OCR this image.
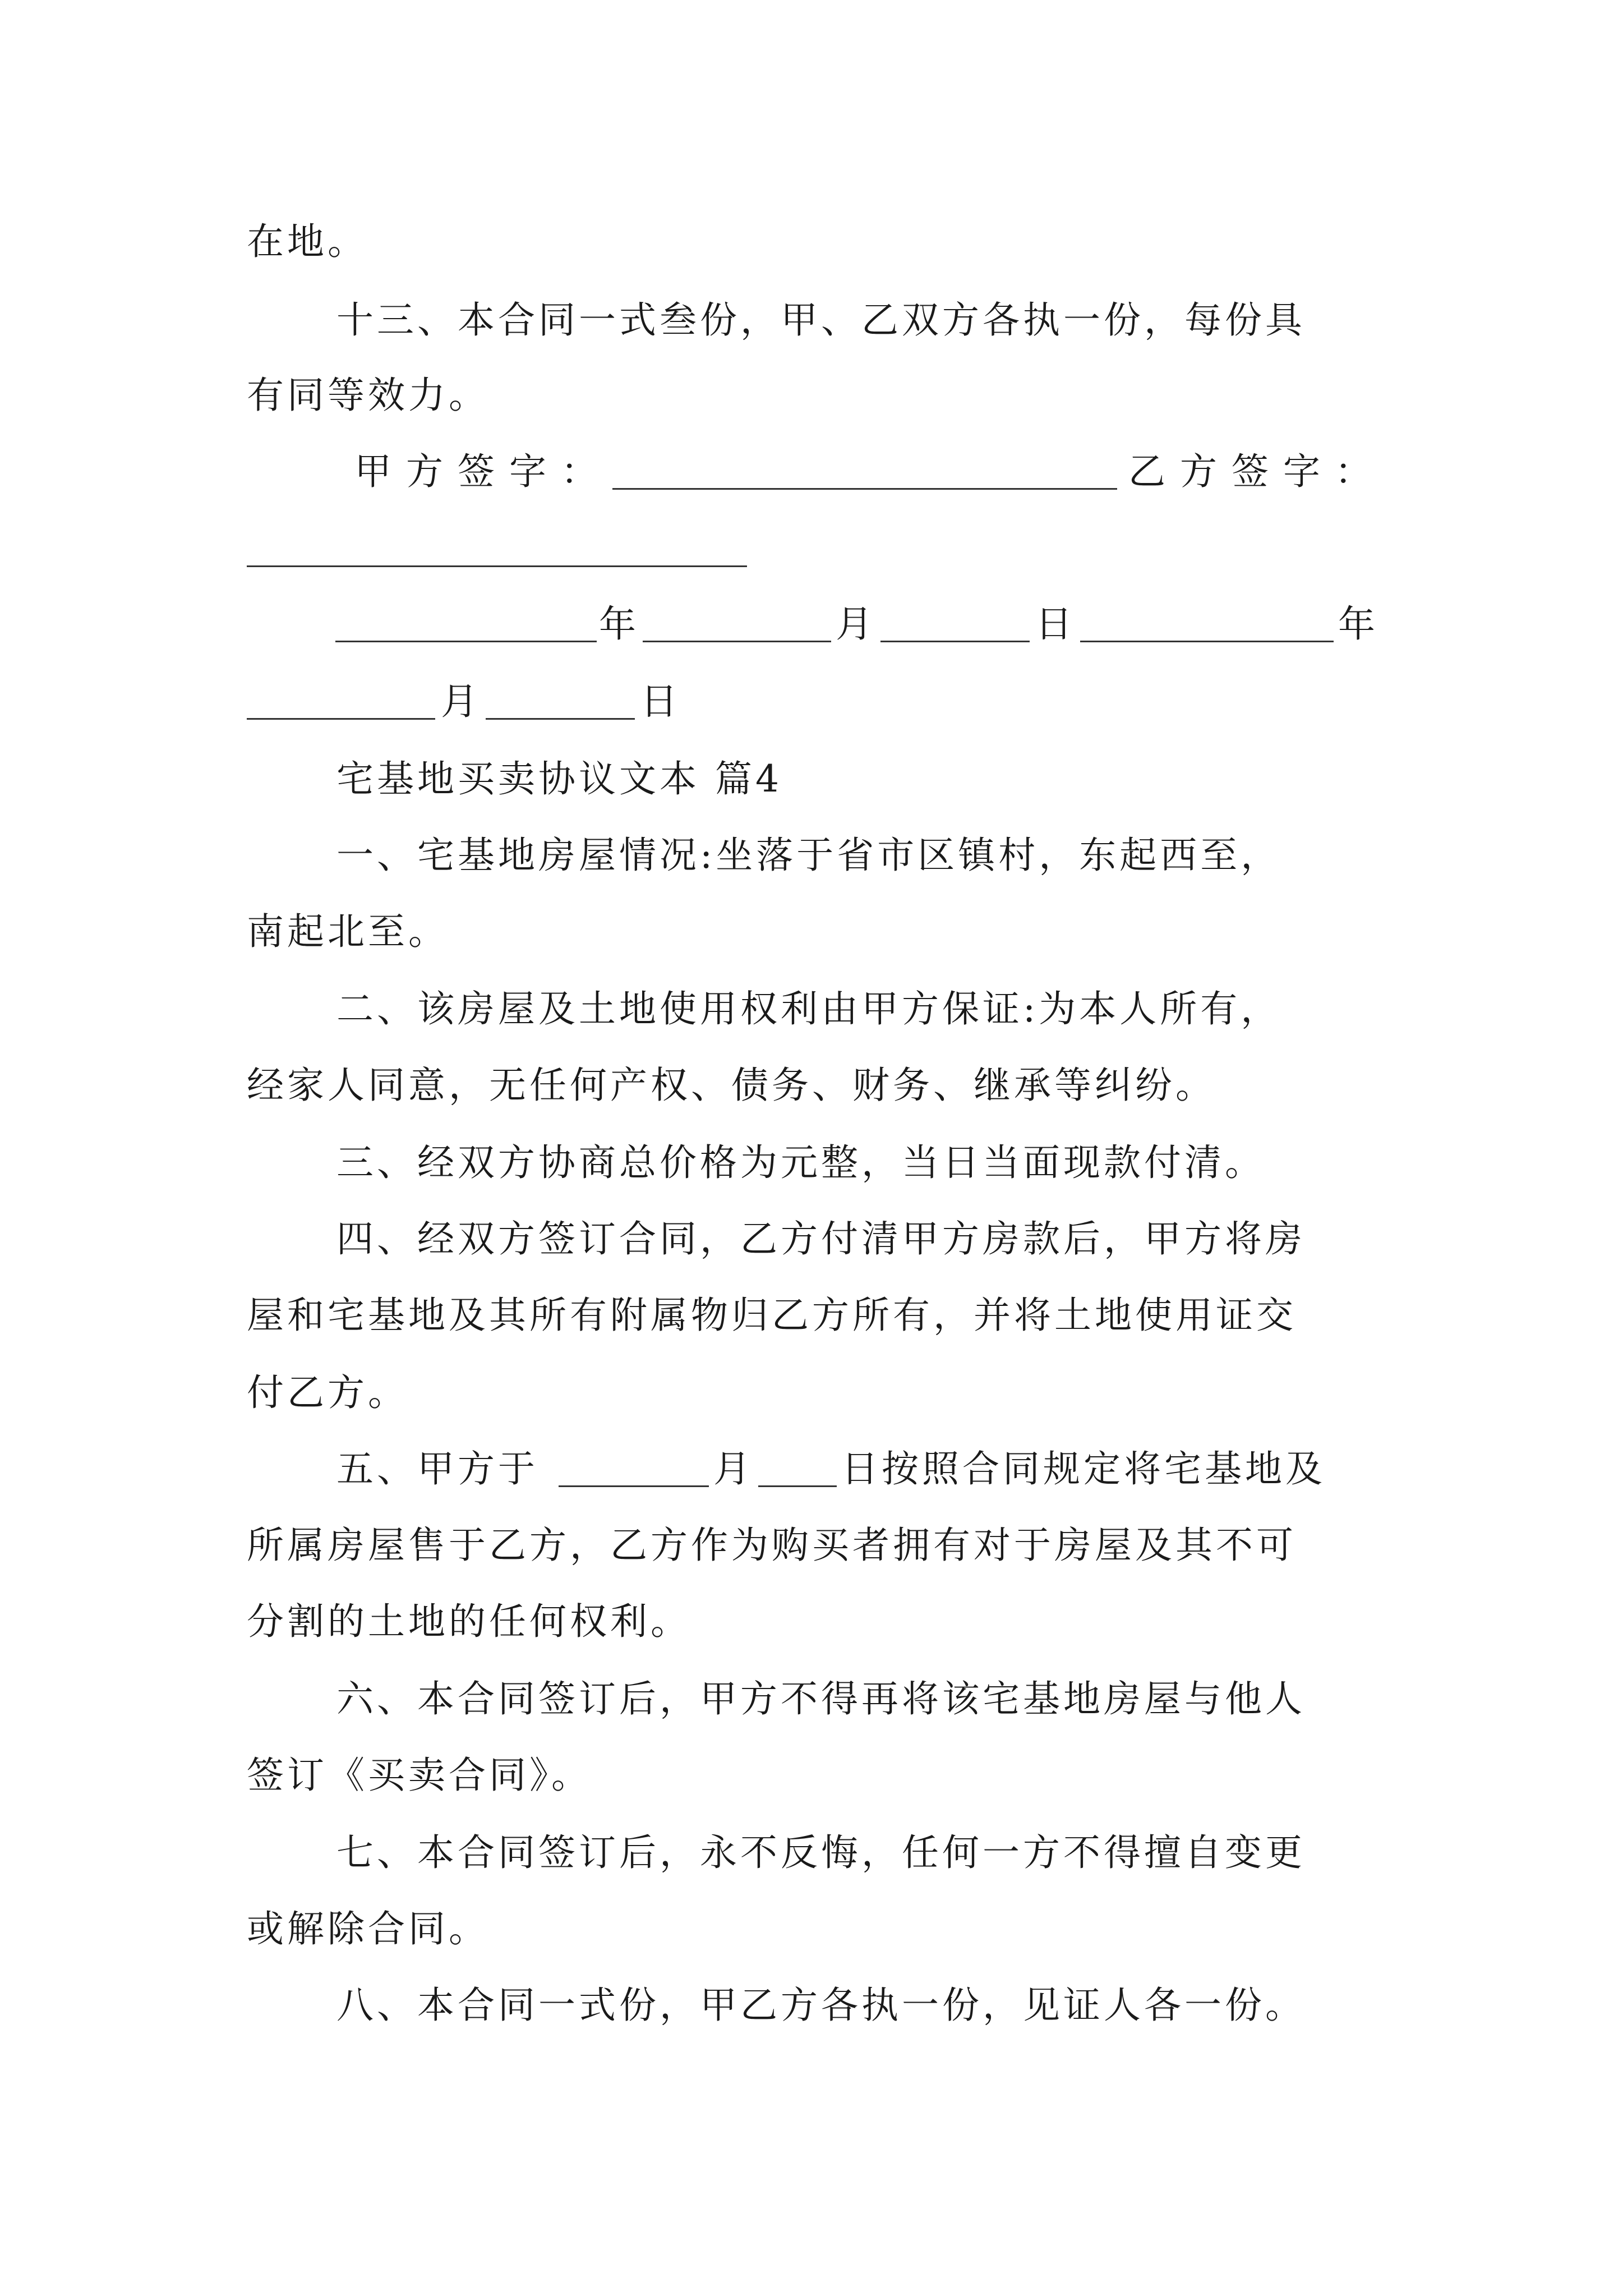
在地。
十三、本合同一式叁份，甲、乙双方各执一份，每份具
有同等效力。
甲方签字：	乙方签字：
年	月	日	年
月	日
宅基地买卖协议文本 篇4
一、宅基地房屋情况:坐落于省市区镇村，东起西至，
南起北至。
二、该房屋及土地使用权利由甲方保证:为本人所有，
经家人同意，无任何产权、债务、财务、继承等纠纷。
三、经双方协商总价格为元整，当日当面现款付清。
四、经双方签订合同，乙方付清甲方房款后，甲方将房
屋和宅基地及其所有附属物归乙方所有，并将土地使用证交
付乙方。
五、甲方于	月 日按照合同规定将宅基地及
所属房屋售于乙方，乙方作为购买者拥有对于房屋及其不可
分割的土地的任何权利。
六、本合同签订后，甲方不得再将该宅基地房屋与他人
签订《买卖合同》。
七、本合同签订后，永不反悔，任何一方不得擅自变更
或解除合同。
八、本合同一式份，甲乙方各执一份，见证人各一份。
